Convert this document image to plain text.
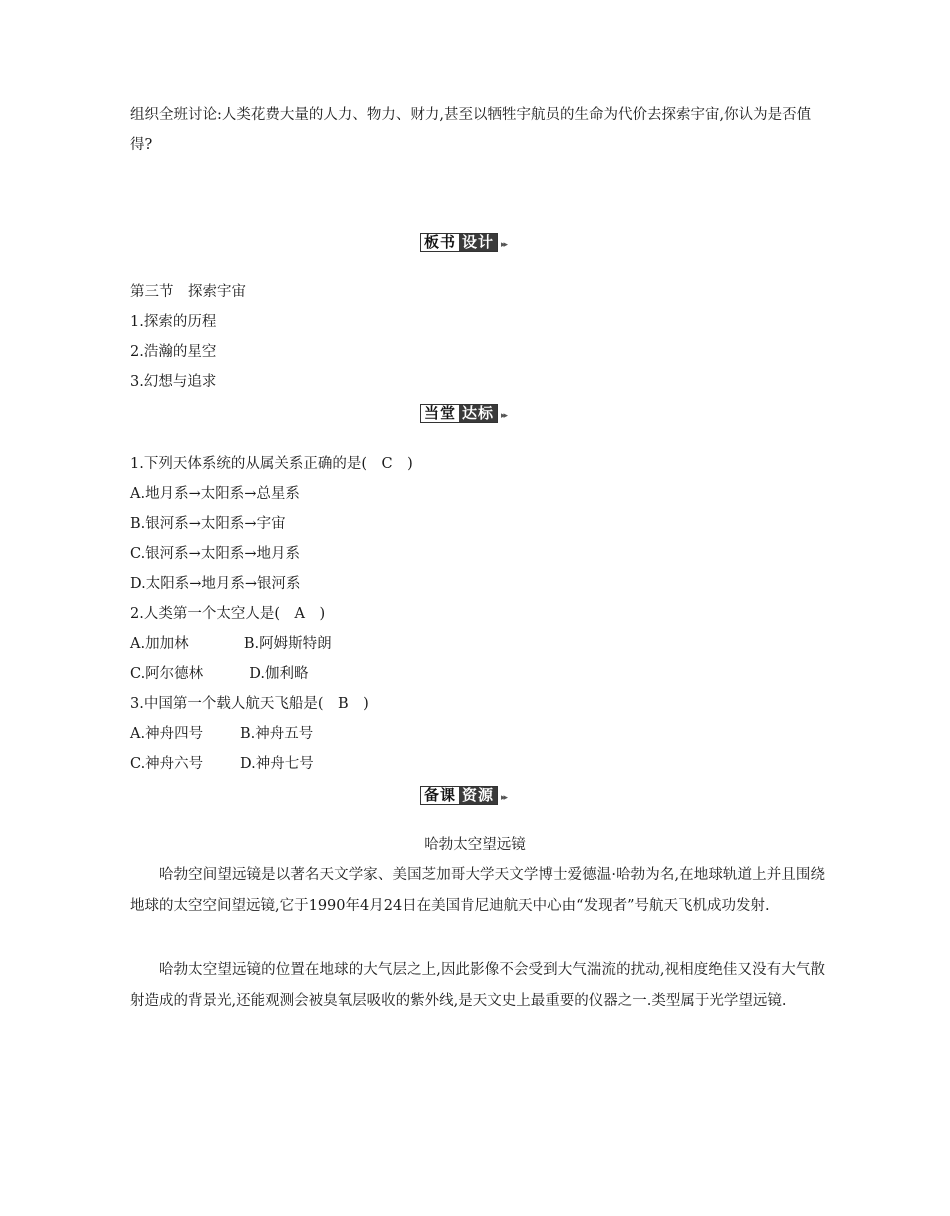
组织全班讨论:人类花费大量的人力、物力、财力,甚至以牺牲宇航员的生命为代价去探索宇宙,你认为是否值得?

板书 设计 ▸▸
第三节　探索宇宙
1.探索的历程
2.浩瀚的星空
3.幻想与追求
当堂 达标 ▸▸
1.下列天体系统的从属关系正确的是(　C　)
A.地月系→太阳系→总星系
B.银河系→太阳系→宇宙
C.银河系→太阳系→地月系
D.太阳系→地月系→银河系
2.人类第一个太空人是(　A　)
A.加加林            B.阿姆斯特朗
C.阿尔德林          D.伽利略
3.中国第一个载人航天飞船是(　B　)
A.神舟四号        B.神舟五号
C.神舟六号        D.神舟七号
备课 资源 ▸▸
哈勃太空望远镜

哈勃空间望远镜是以著名天文学家、美国芝加哥大学天文学博士爱德温·哈勃为名,在地球轨道上并且围绕地球的太空空间望远镜,它于1990年4月24日在美国肯尼迪航天中心由“发现者”号航天飞机成功发射.

哈勃太空望远镜的位置在地球的大气层之上,因此影像不会受到大气湍流的扰动,视相度绝佳又没有大气散射造成的背景光,还能观测会被臭氧层吸收的紫外线,是天文史上最重要的仪器之一.类型属于光学望远镜.
